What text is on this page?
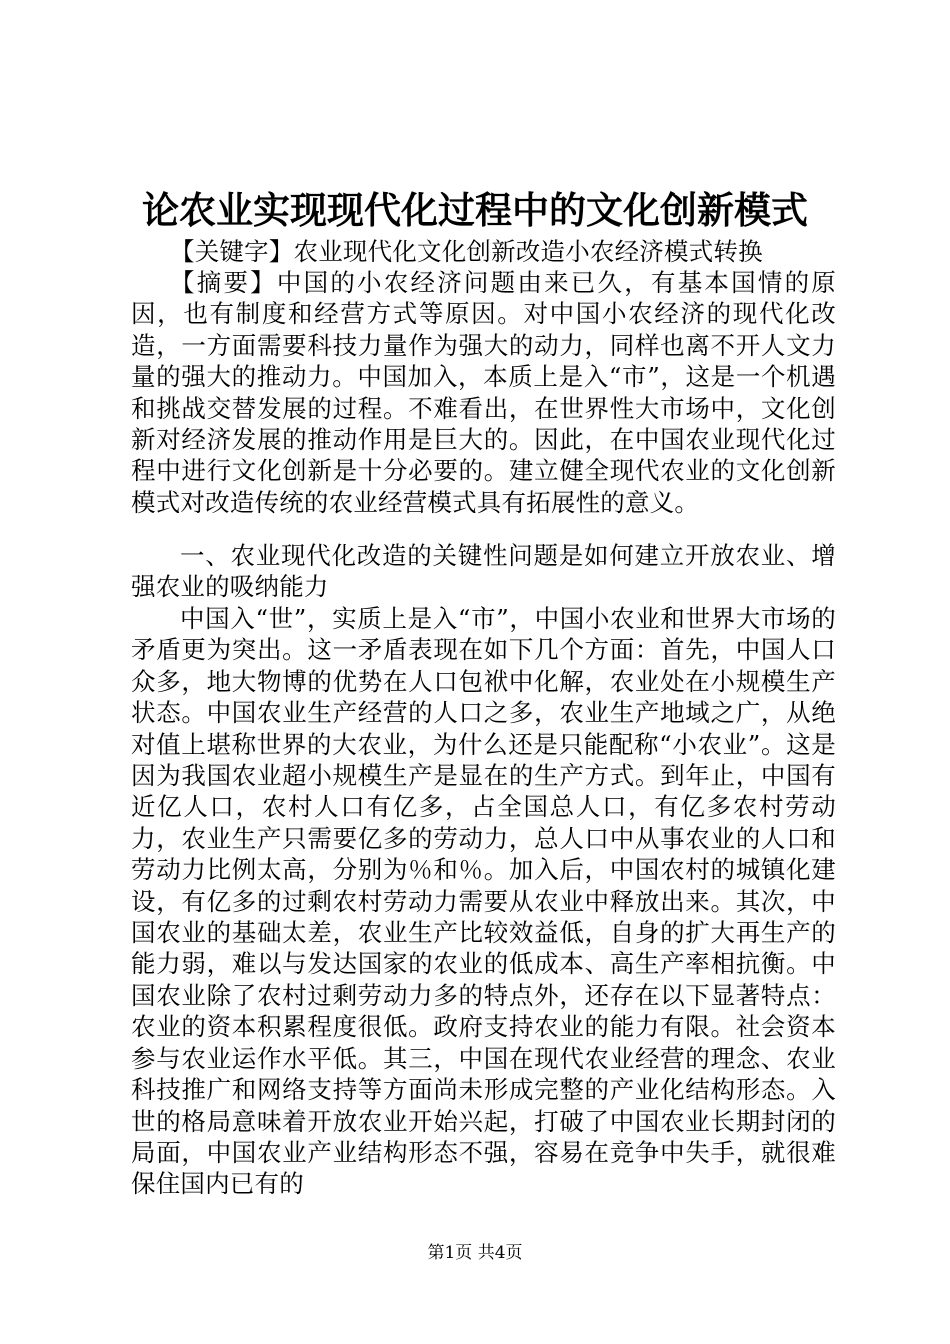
论农业实现现代化过程中的文化创新模式
【关键字】农业现代化文化创新改造小农经济模式转换
【摘要】中国的小农经济问题由来已久，有基本国情的原因，也有制度和经营方式等原因。对中国小农经济的现代化改造，一方面需要科技力量作为强大的动力，同样也离不开人文力量的强大的推动力。中国加入，本质上是入“市”，这是一个机遇和挑战交替发展的过程。不难看出，在世界性大市场中，文化创新对经济发展的推动作用是巨大的。因此，在中国农业现代化过程中进行文化创新是十分必要的。建立健全现代农业的文化创新模式对改造传统的农业经营模式具有拓展性的意义。
一、农业现代化改造的关键性问题是如何建立开放农业、增强农业的吸纳能力
中国入“世”，实质上是入“市”，中国小农业和世界大市场的矛盾更为突出。这一矛盾表现在如下几个方面：首先，中国人口众多，地大物博的优势在人口包袱中化解，农业处在小规模生产状态。中国农业生产经营的人口之多，农业生产地域之广，从绝对值上堪称世界的大农业，为什么还是只能配称“小农业”。这是因为我国农业超小规模生产是显在的生产方式。到年止，中国有近亿人口，农村人口有亿多，占全国总人口，有亿多农村劳动力，农业生产只需要亿多的劳动力，总人口中从事农业的人口和劳动力比例太高，分别为％和％。加入后，中国农村的城镇化建设，有亿多的过剩农村劳动力需要从农业中释放出来。其次，中国农业的基础太差，农业生产比较效益低，自身的扩大再生产的能力弱，难以与发达国家的农业的低成本、高生产率相抗衡。中国农业除了农村过剩劳动力多的特点外，还存在以下显著特点：农业的资本积累程度很低。政府支持农业的能力有限。社会资本参与农业运作水平低。其三，中国在现代农业经营的理念、农业科技推广和网络支持等方面尚未形成完整的产业化结构形态。入世的格局意味着开放农业开始兴起，打破了中国农业长期封闭的局面，中国农业产业结构形态不强，容易在竞争中失手，就很难保住国内已有的
第1页 共4页
